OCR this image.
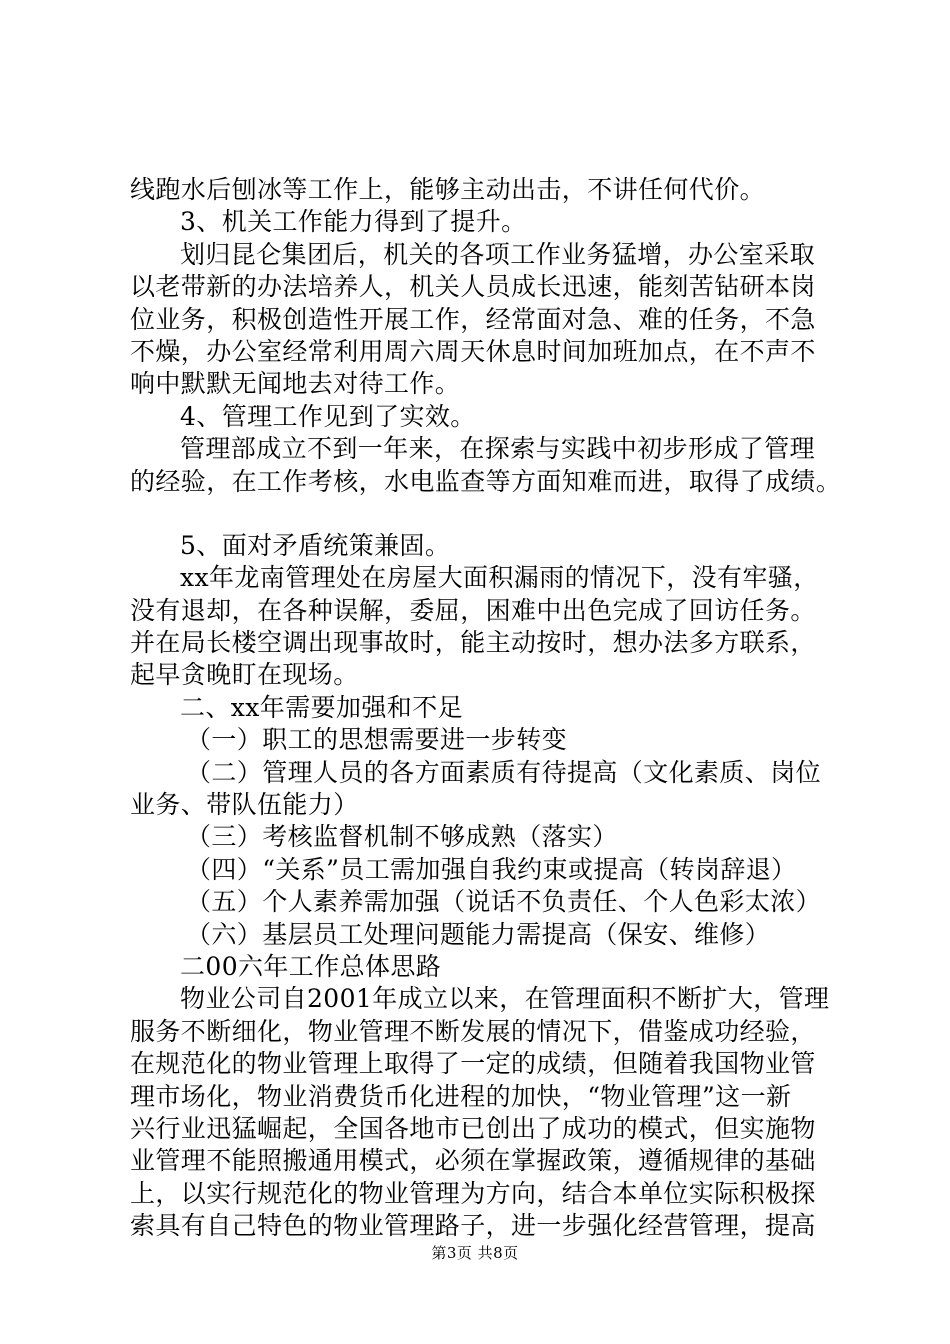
线跑水后刨冰等工作上，能够主动出击，不讲任何代价。
3、机关工作能力得到了提升。
划归昆仑集团后，机关的各项工作业务猛增，办公室采取
以老带新的办法培养人，机关人员成长迅速，能刻苦钻研本岗
位业务，积极创造性开展工作，经常面对急、难的任务，不急
不燥，办公室经常利用周六周天休息时间加班加点，在不声不
响中默默无闻地去对待工作。
4、管理工作见到了实效。
管理部成立不到一年来，在探索与实践中初步形成了管理
的经验，在工作考核，水电监查等方面知难而进，取得了成绩。
5、面对矛盾统策兼固。
xx年龙南管理处在房屋大面积漏雨的情况下，没有牢骚，
没有退却，在各种误解，委屈，困难中出色完成了回访任务。
并在局长楼空调出现事故时，能主动按时，想办法多方联系，
起早贪晚盯在现场。
二、xx年需要加强和不足
（一）职工的思想需要进一步转变
（二）管理人员的各方面素质有待提高（文化素质、岗位
业务、带队伍能力）
（三）考核监督机制不够成熟（落实）
（四）“关系”员工需加强自我约束或提高（转岗辞退）
（五）个人素养需加强（说话不负责任、个人色彩太浓）
（六）基层员工处理问题能力需提高（保安、维修）
二00六年工作总体思路
物业公司自2001年成立以来，在管理面积不断扩大，管理
服务不断细化，物业管理不断发展的情况下，借鉴成功经验，
在规范化的物业管理上取得了一定的成绩，但随着我国物业管
理市场化，物业消费货币化进程的加快，“物业管理”这一新
兴行业迅猛崛起，全国各地市已创出了成功的模式，但实施物
业管理不能照搬通用模式，必须在掌握政策，遵循规律的基础
上，以实行规范化的物业管理为方向，结合本单位实际积极探
索具有自己特色的物业管理路子，进一步强化经营管理，提高
第3页 共8页
